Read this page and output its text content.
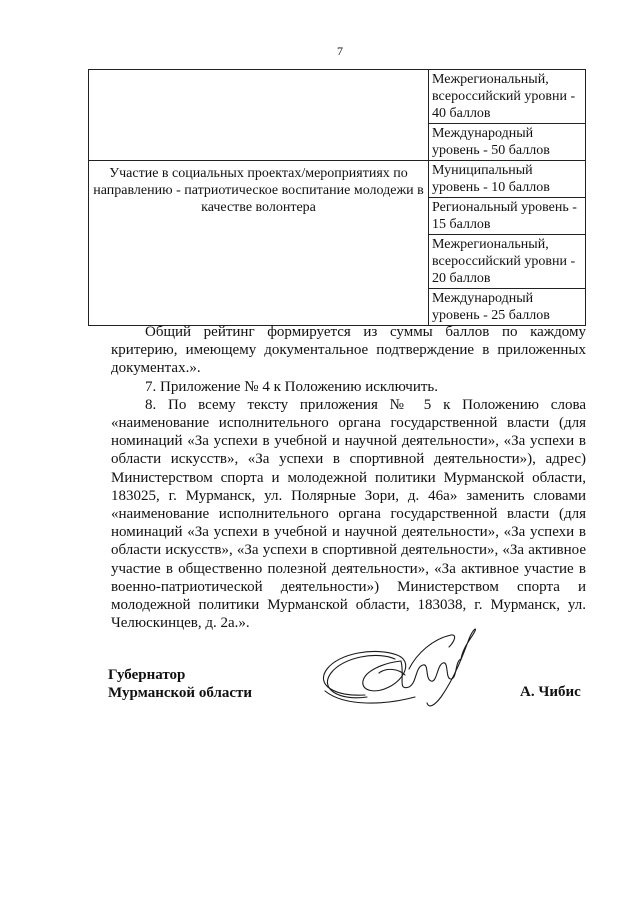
7
	Межрегиональный, всероссийский уровни - 40 баллов
	Международный уровень - 50 баллов
Участие в социальных проектах/мероприятиях по направлению - патриотическое воспитание молодежи в качестве волонтера	Муниципальный уровень - 10 баллов
	Региональный уровень - 15 баллов
	Межрегиональный, всероссийский уровни - 20 баллов
	Международный уровень - 25 баллов

Общий рейтинг формируется из суммы баллов по каждому критерию, имеющему документальное подтверждение в приложенных документах.».

7. Приложение № 4 к Положению исключить.

8. По всему тексту приложения № 5 к Положению слова «наименование исполнительного органа государственной власти (для номинаций «За успехи в учебной и научной деятельности», «За успехи в области искусств», «За успехи в спортивной деятельности»), адрес) Министерством спорта и молодежной политики Мурманской области, 183025, г. Мурманск, ул. Полярные Зори, д. 46а» заменить словами «наименование исполнительного органа государственной власти (для номинаций «За успехи в учебной и научной деятельности», «За успехи в области искусств», «За успехи в спортивной деятельности», «За активное участие в общественно полезной деятельности», «За активное участие в военно-патриотической деятельности») Министерством спорта и молодежной политики Мурманской области, 183038, г. Мурманск, ул. Челюскинцев, д. 2а.».

Губернатор
Мурманской области	А. Чибис
